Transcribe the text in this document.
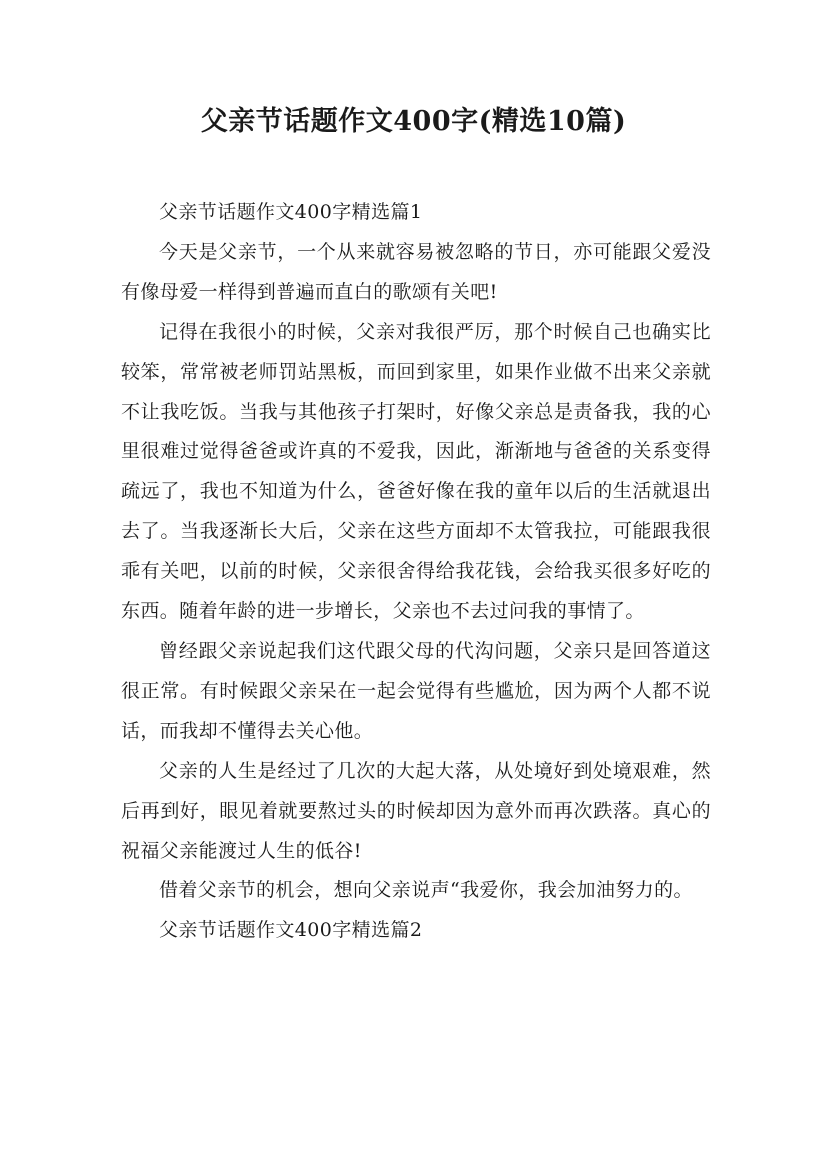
父亲节话题作文400字(精选10篇)

父亲节话题作文400字精选篇1

今天是父亲节，一个从来就容易被忽略的节日，亦可能跟父爱没有像母爱一样得到普遍而直白的歌颂有关吧!

记得在我很小的时候，父亲对我很严厉，那个时候自己也确实比较笨，常常被老师罚站黑板，而回到家里，如果作业做不出来父亲就不让我吃饭。当我与其他孩子打架时，好像父亲总是责备我，我的心里很难过觉得爸爸或许真的不爱我，因此，渐渐地与爸爸的关系变得疏远了，我也不知道为什么，爸爸好像在我的童年以后的生活就退出去了。当我逐渐长大后，父亲在这些方面却不太管我拉，可能跟我很乖有关吧，以前的时候，父亲很舍得给我花钱，会给我买很多好吃的东西。随着年龄的进一步增长，父亲也不去过问我的事情了。

曾经跟父亲说起我们这代跟父母的代沟问题，父亲只是回答道这很正常。有时候跟父亲呆在一起会觉得有些尴尬，因为两个人都不说话，而我却不懂得去关心他。

父亲的人生是经过了几次的大起大落，从处境好到处境艰难，然后再到好，眼见着就要熬过头的时候却因为意外而再次跌落。真心的祝福父亲能渡过人生的低谷!

借着父亲节的机会，想向父亲说声“我爱你，我会加油努力的。

父亲节话题作文400字精选篇2
